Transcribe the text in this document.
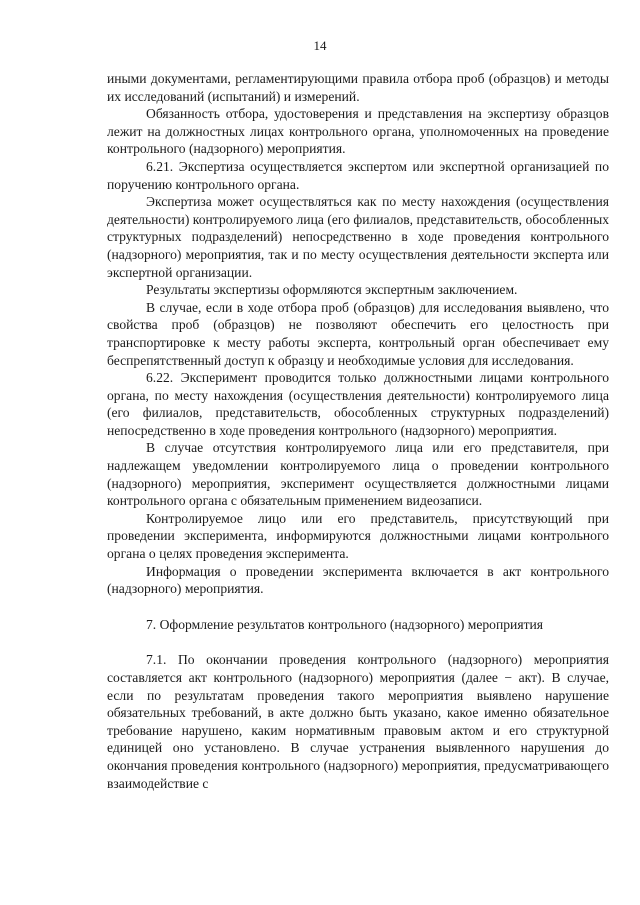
14

иными документами, регламентирующими правила отбора проб (образцов) и методы их исследований (испытаний) и измерений.

Обязанность отбора, удостоверения и представления на экспертизу образцов лежит на должностных лицах контрольного органа, уполномоченных на проведение контрольного (надзорного) мероприятия.

6.21. Экспертиза осуществляется экспертом или экспертной организацией по поручению контрольного органа.

Экспертиза может осуществляться как по месту нахождения (осуществления деятельности) контролируемого лица (его филиалов, представительств, обособленных структурных подразделений) непосредственно в ходе проведения контрольного (надзорного) мероприятия, так и по месту осуществления деятельности эксперта или экспертной организации.

Результаты экспертизы оформляются экспертным заключением.

В случае, если в ходе отбора проб (образцов) для исследования выявлено, что свойства проб (образцов) не позволяют обеспечить его целостность при транспортировке к месту работы эксперта, контрольный орган обеспечивает ему беспрепятственный доступ к образцу и необходимые условия для исследования.

6.22. Эксперимент проводится только должностными лицами контрольного органа, по месту нахождения (осуществления деятельности) контролируемого лица (его филиалов, представительств, обособленных структурных подразделений) непосредственно в ходе проведения контрольного (надзорного) мероприятия.

В случае отсутствия контролируемого лица или его представителя, при надлежащем уведомлении контролируемого лица о проведении контрольного (надзорного) мероприятия, эксперимент осуществляется должностными лицами контрольного органа с обязательным применением видеозаписи.

Контролируемое лицо или его представитель, присутствующий при проведении эксперимента, информируются должностными лицами контрольного органа о целях проведения эксперимента.

Информация о проведении эксперимента включается в акт контрольного (надзорного) мероприятия.

7. Оформление результатов контрольного (надзорного) мероприятия

7.1. По окончании проведения контрольного (надзорного) мероприятия составляется акт контрольного (надзорного) мероприятия (далее − акт). В случае, если по результатам проведения такого мероприятия выявлено нарушение обязательных требований, в акте должно быть указано, какое именно обязательное требование нарушено, каким нормативным правовым актом и его структурной единицей оно установлено. В случае устранения выявленного нарушения до окончания проведения контрольного (надзорного) мероприятия, предусматривающего взаимодействие с
